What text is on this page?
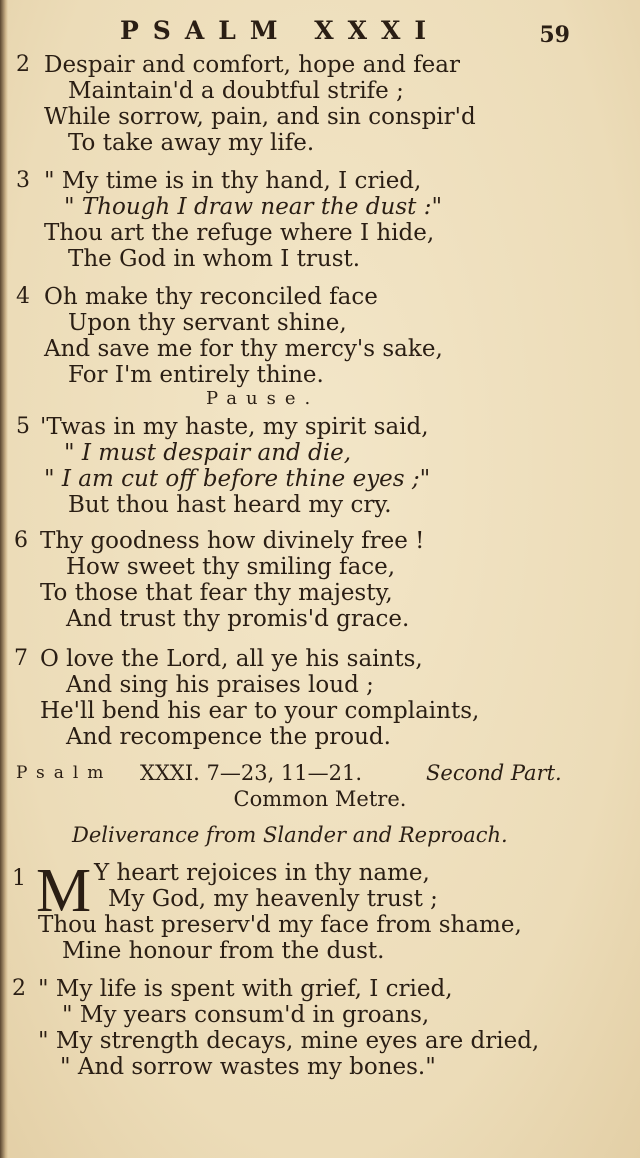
PSALM XXXI	59
2 Despair and comfort, hope and fear
Maintain'd a doubtful strife ;
While sorrow, pain, and sin conspir'd
To take away my life.
3 " My time is in thy hand, I cried,
" Though I draw near the dust :"
Thou art the refuge where I hide,
The God in whom I trust.
4 Oh make thy reconciled face
Upon thy servant shine,
And save me for thy mercy's sake,
For I'm entirely thine.
Pause.
5 'Twas in my haste, my spirit said,
" I must despair and die,
" I am cut off before thine eyes ;"
But thou hast heard my cry.
6 Thy goodness how divinely free !
How sweet thy smiling face,
To those that fear thy majesty,
And trust thy promis'd grace.
7 O love the Lord, all ye his saints,
And sing his praises loud ;
He'll bend his ear to your complaints,
And recompence the proud.
Psalm XXXI. 7—23, 11—21.	Second Part.
Common Metre.
Deliverance from Slander and Reproach.
1 M Y heart rejoices in thy name,
My God, my heavenly trust ;
Thou hast preserv'd my face from shame,
Mine honour from the dust.
2 " My life is spent with grief, I cried,
" My years consum'd in groans,
" My strength decays, mine eyes are dried,
" And sorrow wastes my bones."
